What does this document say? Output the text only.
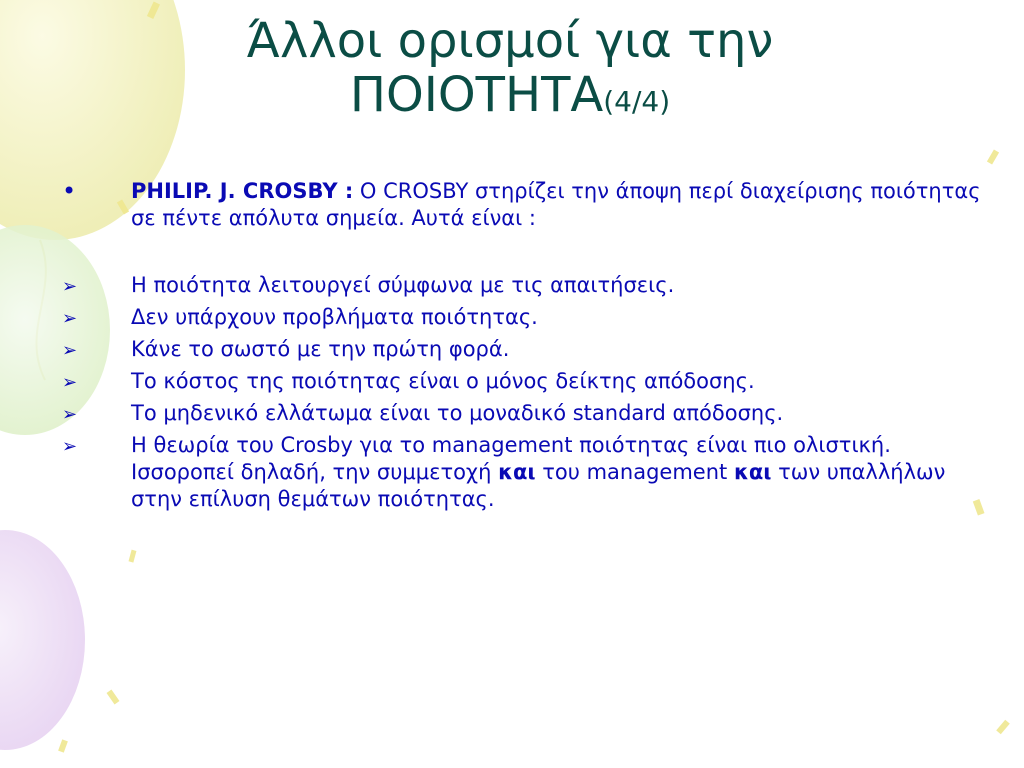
Άλλοι ορισμοί για την
ΠΟΙΟΤΗΤΑ(4/4)
•	PHILIP. J. CROSBY : Ο CROSBY στηρίζει την άποψη περί διαχείρισης ποιότητας σε πέντε απόλυτα σημεία. Αυτά είναι :
➢	Η ποιότητα λειτουργεί σύμφωνα με τις απαιτήσεις.
➢	Δεν υπάρχουν προβλήματα ποιότητας.
➢	Κάνε το σωστό με την πρώτη φορά.
➢	Το κόστος της ποιότητας είναι ο μόνος δείκτης απόδοσης.
➢	Το μηδενικό ελλάτωμα είναι το μοναδικό standard απόδοσης.
➢	Η θεωρία του Crosby για το management ποιότητας είναι πιο ολιστική. Ισσοροπεί δηλαδή, την συμμετοχή και του management και των υπαλλήλων στην επίλυση θεμάτων ποιότητας.
